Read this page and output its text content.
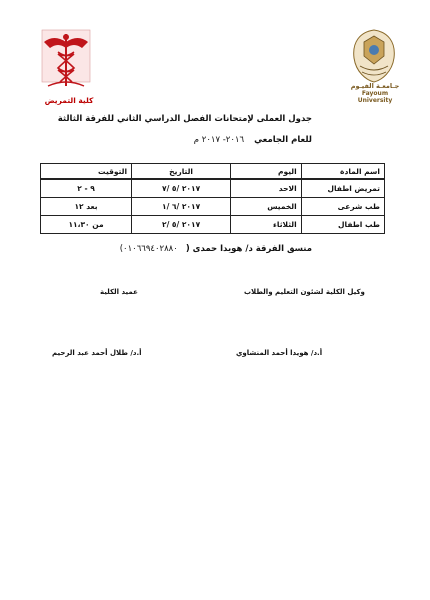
كلية التمريض
جـامعـة الفيـوم
Fayoum University
جدول العملى لإمتحانات الفصل الدراسي الثاني للفرقة الثالثة
للعام الجامعي٢٠١٦- ٢٠١٧ م
اسم المادة	اليوم	التاريخ	التوقيت
تمريض اطفال	الاحد	٢٠١٧ /٥ /٧	٩ - ٢
طب شرعى	الخميس	٢٠١٧ /٦ /١	بعد ١٢
طب اطفال	الثلاثاء	٢٠١٧ /٥ /٢	من ١١،٣٠
منسق الفرقة د/ هويدا حمدى (٠١٠٦٦٩٤٠٢٨٨٠)
وكيل الكلية لشئون التعليم والطلاب
عميد الكلية
أ.د/ هويدا أحمد المنشاوي
أ.د/ طلال أحمد عبد الرحيم
